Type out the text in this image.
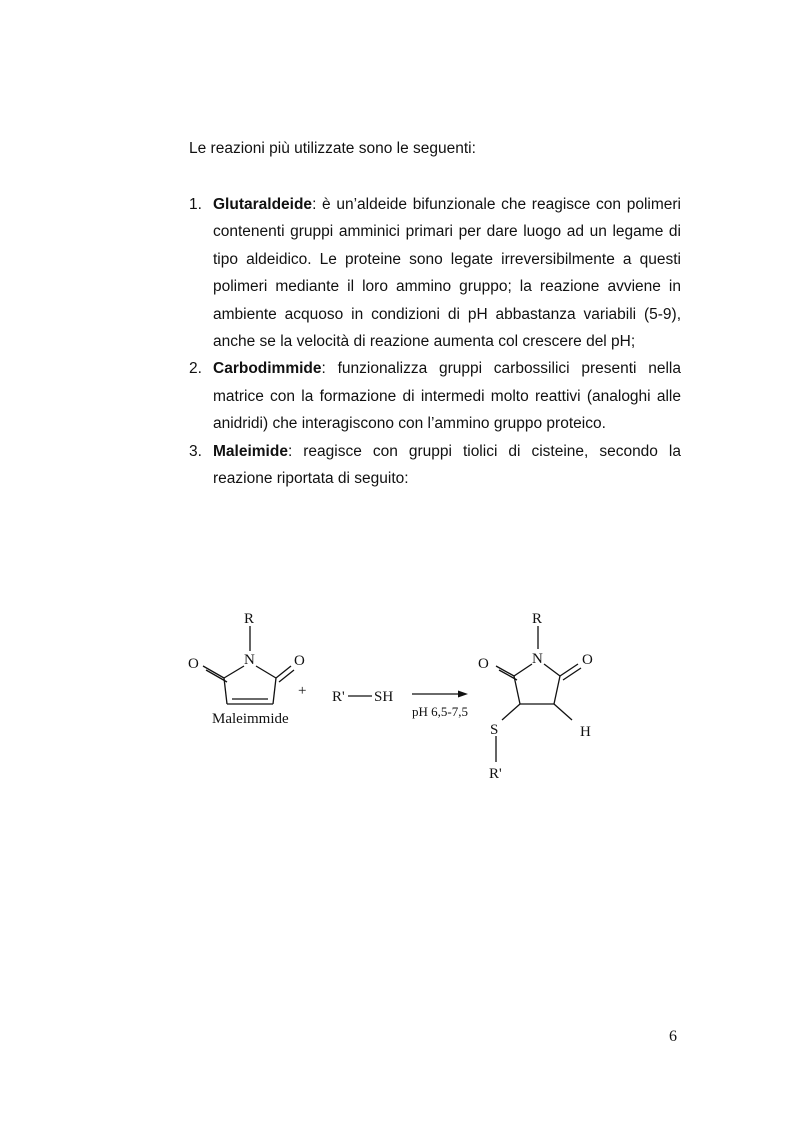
Le reazioni più utilizzate sono le seguenti:
1. Glutaraldeide: è un’aldeide bifunzionale che reagisce con polimeri contenenti gruppi amminici primari per dare luogo ad un legame di tipo aldeidico. Le proteine sono legate irreversibilmente a questi polimeri mediante il loro ammino gruppo; la reazione avviene in ambiente acquoso in condizioni di pH abbastanza variabili (5-9), anche se la velocità di reazione aumenta col crescere del pH;
2. Carbodimmide: funzionalizza gruppi carbossilici presenti nella matrice con la formazione di intermedi molto reattivi (analoghi alle anidridi) che interagiscono con l’ammino gruppo proteico.
3. Maleimide: reagisce con gruppi tiolici di cisteine, secondo la reazione riportata di seguito:
R
N
O	O
Maleimmide
+ R' SH
pH 6,5-7,5
R
N
O	O
S	H
R'
6
